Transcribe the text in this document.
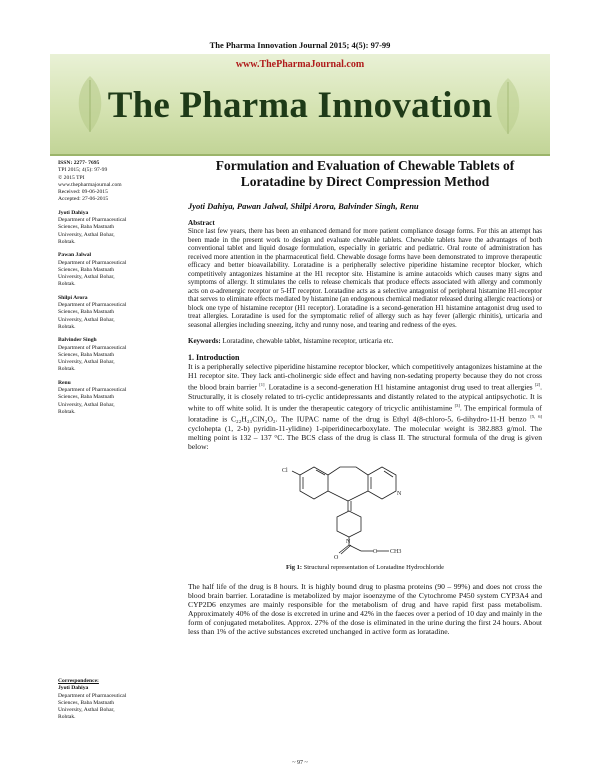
The Pharma Innovation Journal 2015; 4(5): 97-99
www.ThePharmaJournal.com
The Pharma Innovation
ISSN: 2277- 7695
TPI 2015; 4(5): 97-99
© 2015 TPI
www.thepharmajournal.com
Received: 09-06-2015
Accepted: 27-06-2015
Jyoti Dahiya
Department of Pharmaceutical
Sciences, Baba Mastnath
University, Asthal Bohar,
Rohtak.
Pawan Jalwal
Department of Pharmaceutical
Sciences, Baba Mastnath
University, Asthal Bohar,
Rohtak.
Shilpi Arora
Department of Pharmaceutical
Sciences, Baba Mastnath
University, Asthal Bohar,
Rohtak.
Balvinder Singh
Department of Pharmaceutical
Sciences, Baba Mastnath
University, Asthal Bohar,
Rohtak.
Renu
Department of Pharmaceutical
Sciences, Baba Mastnath
University, Asthal Bohar,
Rohtak.
Correspondence:
Jyoti Dahiya
Department of Pharmaceutical
Sciences, Baba Mastnath
University, Asthal Bohar,
Rohtak.
Formulation and Evaluation of Chewable Tablets of Loratadine by Direct Compression Method
Jyoti Dahiya, Pawan Jalwal, Shilpi Arora, Balvinder Singh, Renu
Abstract

Since last few years, there has been an enhanced demand for more patient compliance dosage forms. For this an attempt has been made in the present work to design and evaluate chewable tablets. Chewable tablets have the advantages of both conventional tablet and liquid dosage formulation, especially in geriatric and pediatric. Oral route of administration has received more attention in the pharmaceutical field. Chewable dosage forms have been demonstrated to improve therapeutic efficacy and better bioavailability. Loratadine is a peripherally selective piperidine histamine receptor blocker, which competitively antagonizes histamine at the H1 receptor site. Histamine is amine autacoids which causes many signs and symptoms of allergy. It stimulates the cells to release chemicals that produce effects associated with allergy and commonly acts on α-adrenergic receptor or 5-HT receptor. Loratadine acts as a selective antagonist of peripheral histamine H1-receptor that serves to eliminate effects mediated by histamine (an endogenous chemical mediator released during allergic reactions) or block one type of histamine receptor (H1 receptor). Loratadine is a second-generation H1 histamine antagonist drug used to treat allergies. Loratadine is used for the symptomatic relief of allergy such as hay fever (allergic rhinitis), urticaria and seasonal allergies including sneezing, itchy and runny nose, and tearing and redness of the eyes.

Keywords: Loratadine, chewable tablet, histamine receptor, urticaria etc.

1. Introduction

It is a peripherally selective piperidine histamine receptor blocker, which competitively antagonizes histamine at the H1 receptor site. They lack anti-cholinergic side effect and having non-sedating property because they do not cross the blood brain barrier [1]. Loratadine is a second-generation H1 histamine antagonist drug used to treat allergies [2]. Structurally, it is closely related to tri-cyclic antidepressants and distantly related to the atypical antipsychotic. It is white to off white solid. It is under the therapeutic category of tricyclic antihistamine [3]. The empirical formula of loratadine is C₂₂H₂₃ClN₂O₂. The IUPAC name of the drug is Ethyl 4(8-chloro-5, 6-dihydro-11-H benzo [5, 6] cyclohepta (1, 2-b) pyridin-11-ylidine) 1-piperidinecarboxylate. The molecular weight is 382.883 g/mol. The melting point is 132 – 137 °C. The BCS class of the drug is class II. The structural formula of the drug is given below:

Cl
N
N
O
O CH3
Fig 1: Structural representation of Loratadine Hydrochloride

The half life of the drug is 8 hours. It is highly bound drug to plasma proteins (90 – 99%) and does not cross the blood brain barrier. Loratadine is metabolized by major isoenzyme of the Cytochrome P450 system CYP3A4 and CYP2D6 enzymes are mainly responsible for the metabolism of drug and have rapid first pass metabolism. Approximately 40% of the dose is excreted in urine and 42% in the faeces over a period of 10 day and mainly in the form of conjugated metabolites. Approx. 27% of the dose is eliminated in the urine during the first 24 hours. About less than 1% of the active substances excreted unchanged in active form as loratadine.

~ 97 ~
